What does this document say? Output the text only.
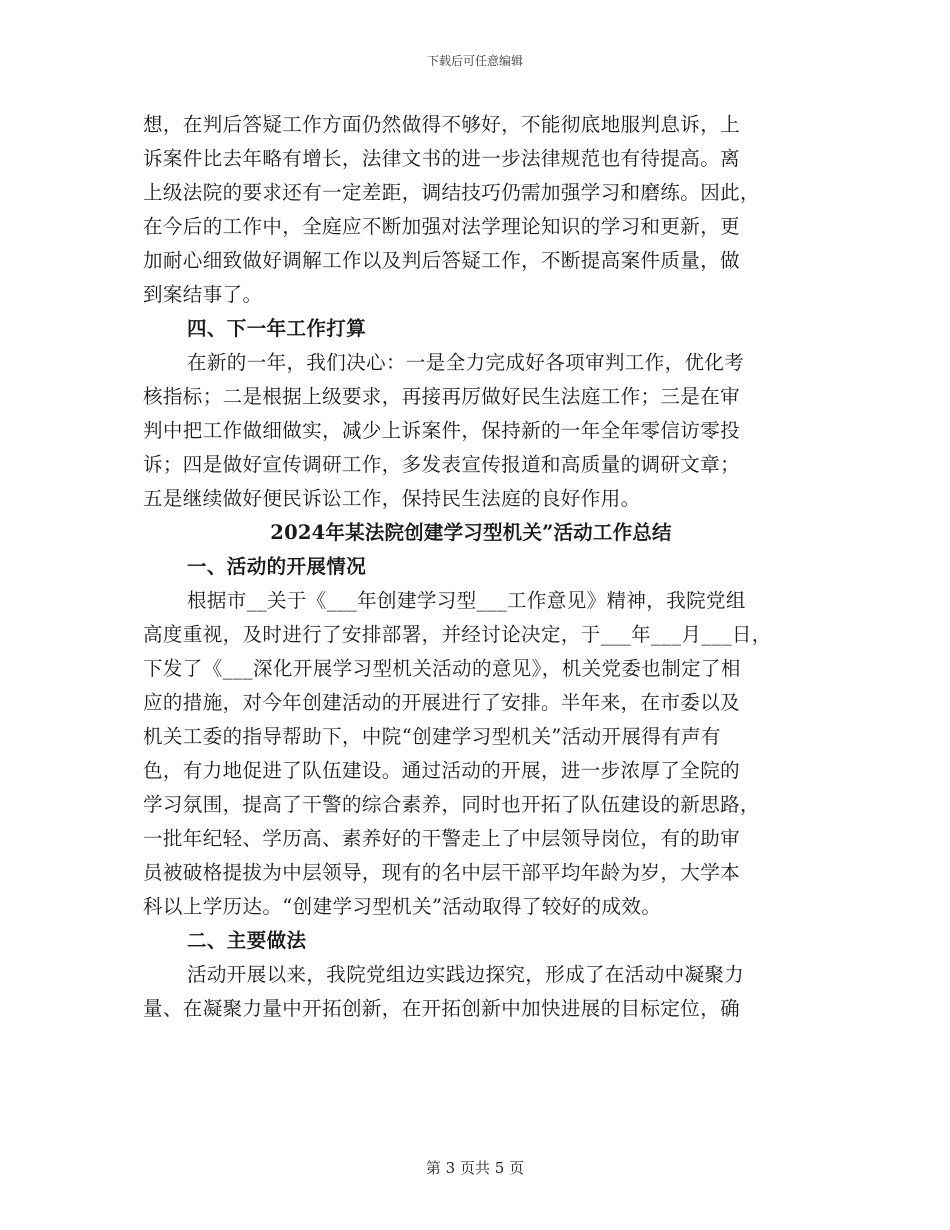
下载后可任意编辑
想，在判后答疑工作方面仍然做得不够好，不能彻底地服判息诉，上
诉案件比去年略有增长，法律文书的进一步法律规范也有待提高。离
上级法院的要求还有一定差距，调结技巧仍需加强学习和磨练。因此，
在今后的工作中，全庭应不断加强对法学理论知识的学习和更新，更
加耐心细致做好调解工作以及判后答疑工作，不断提高案件质量，做
到案结事了。
四、下一年工作打算
在新的一年，我们决心：一是全力完成好各项审判工作，优化考
核指标；二是根据上级要求，再接再厉做好民生法庭工作；三是在审
判中把工作做细做实，减少上诉案件，保持新的一年全年零信访零投
诉；四是做好宣传调研工作，多发表宣传报道和高质量的调研文章；
五是继续做好便民诉讼工作，保持民生法庭的良好作用。
2024年某法院创建学习型机关”活动工作总结
一、活动的开展情况
根据市__关于《___年创建学习型___工作意见》精神，我院党组
高度重视，及时进行了安排部署，并经讨论决定，于___年___月___日，
下发了《___深化开展学习型机关活动的意见》，机关党委也制定了相
应的措施，对今年创建活动的开展进行了安排。半年来，在市委以及
机关工委的指导帮助下，中院“创建学习型机关”活动开展得有声有
色，有力地促进了队伍建设。通过活动的开展，进一步浓厚了全院的
学习氛围，提高了干警的综合素养，同时也开拓了队伍建设的新思路，
一批年纪轻、学历高、素养好的干警走上了中层领导岗位，有的助审
员被破格提拔为中层领导，现有的名中层干部平均年龄为岁，大学本
科以上学历达。“创建学习型机关”活动取得了较好的成效。
二、主要做法
活动开展以来，我院党组边实践边探究，形成了在活动中凝聚力
量、在凝聚力量中开拓创新，在开拓创新中加快进展的目标定位，确
第 3 页共 5 页
